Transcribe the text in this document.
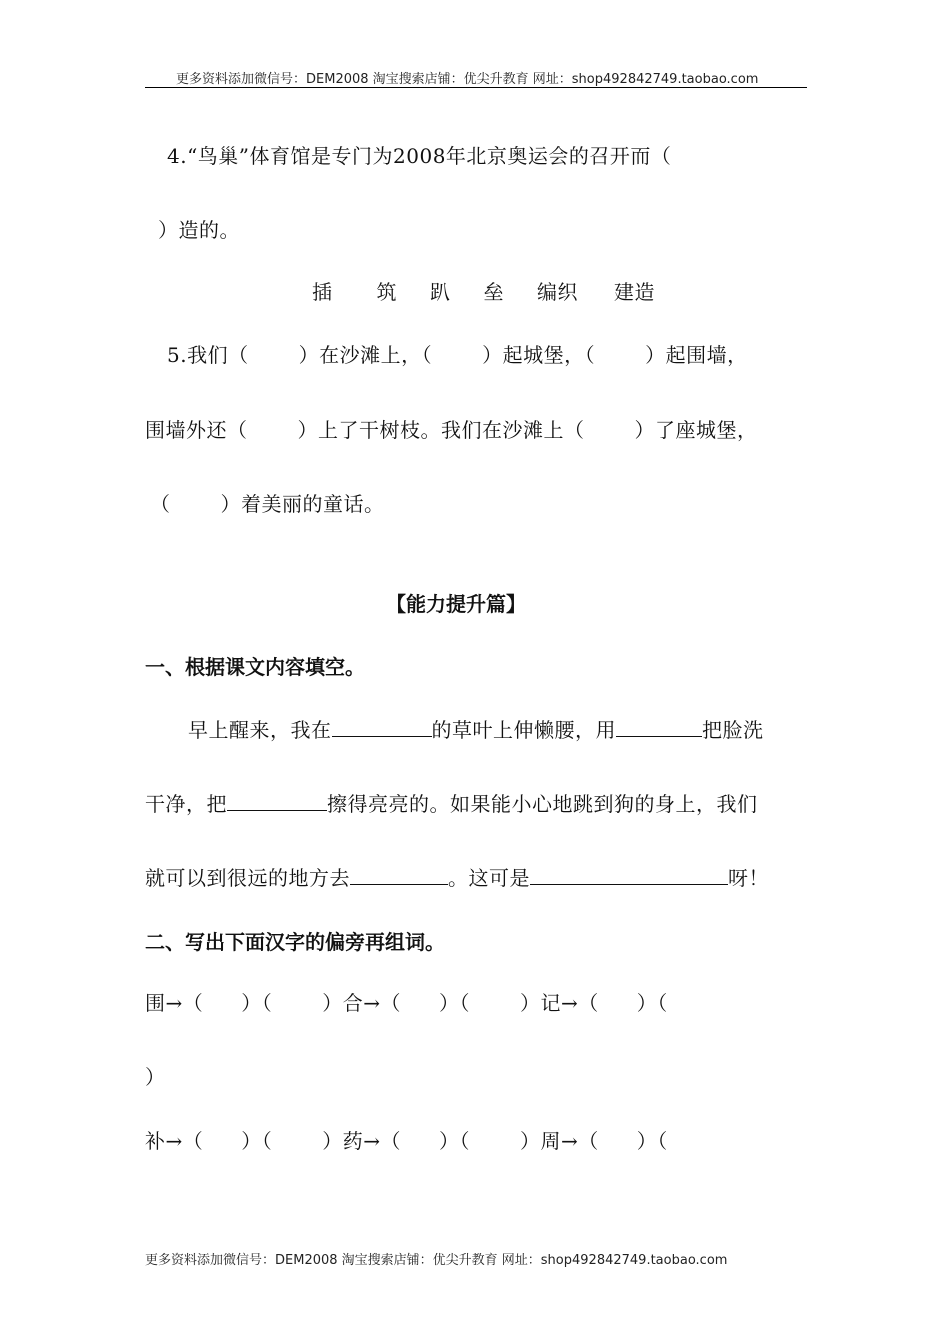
更多资料添加微信号：DEM2008 淘宝搜索店铺：优尖升教育 网址：shop492842749.taobao.com
4.“鸟巢”体育馆是专门为2008年北京奥运会的召开而（
）造的。
插 筑 趴 垒 编织 建造
5.我们（	）在沙滩上，（	）起城堡，（	）起围墙，
围墙外还（	）上了干树枝。我们在沙滩上（	）了座城堡，
（	）着美丽的童话。
【能力提升篇】
一、根据课文内容填空。
早上醒来，我在	的草叶上伸懒腰，用	把脸洗
干净，把	擦得亮亮的。如果能小心地跳到狗的身上，我们
就可以到很远的地方去	。这可是	呀！
二、写出下面汉字的偏旁再组词。
围→（ ）（	）合→（ ）（	）记→（ ）（
）
补→（ ）（	）药→（ ）（	）周→（ ）（
更多资料添加微信号：DEM2008 淘宝搜索店铺：优尖升教育 网址：shop492842749.taobao.com
